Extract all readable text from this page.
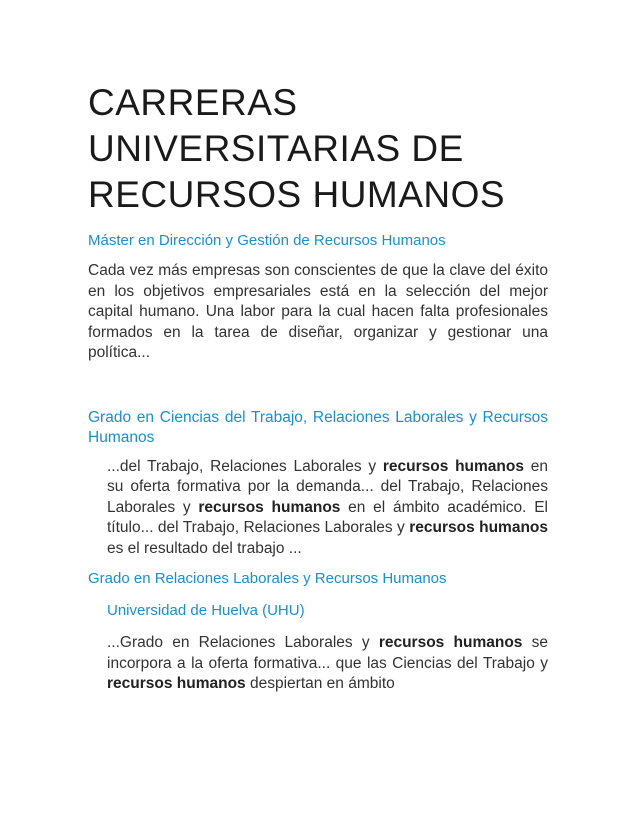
CARRERAS UNIVERSITARIAS DE RECURSOS HUMANOS
Máster en Dirección y Gestión de Recursos Humanos

Cada vez más empresas son conscientes de que la clave del éxito en los objetivos empresariales está en la selección del mejor capital humano. Una labor para la cual hacen falta profesionales formados en la tarea de diseñar, organizar y gestionar una política...

Grado en Ciencias del Trabajo, Relaciones Laborales y Recursos Humanos

...del Trabajo, Relaciones Laborales y recursos humanos en su oferta formativa por la demanda... del Trabajo, Relaciones Laborales y recursos humanos en el ámbito académico. El título... del Trabajo, Relaciones Laborales y recursos humanos es el resultado del trabajo ...

Grado en Relaciones Laborales y Recursos Humanos
Universidad de Huelva (UHU)

...Grado en Relaciones Laborales y recursos humanos se incorpora a la oferta formativa... que las Ciencias del Trabajo y recursos humanos despiertan en ámbito
